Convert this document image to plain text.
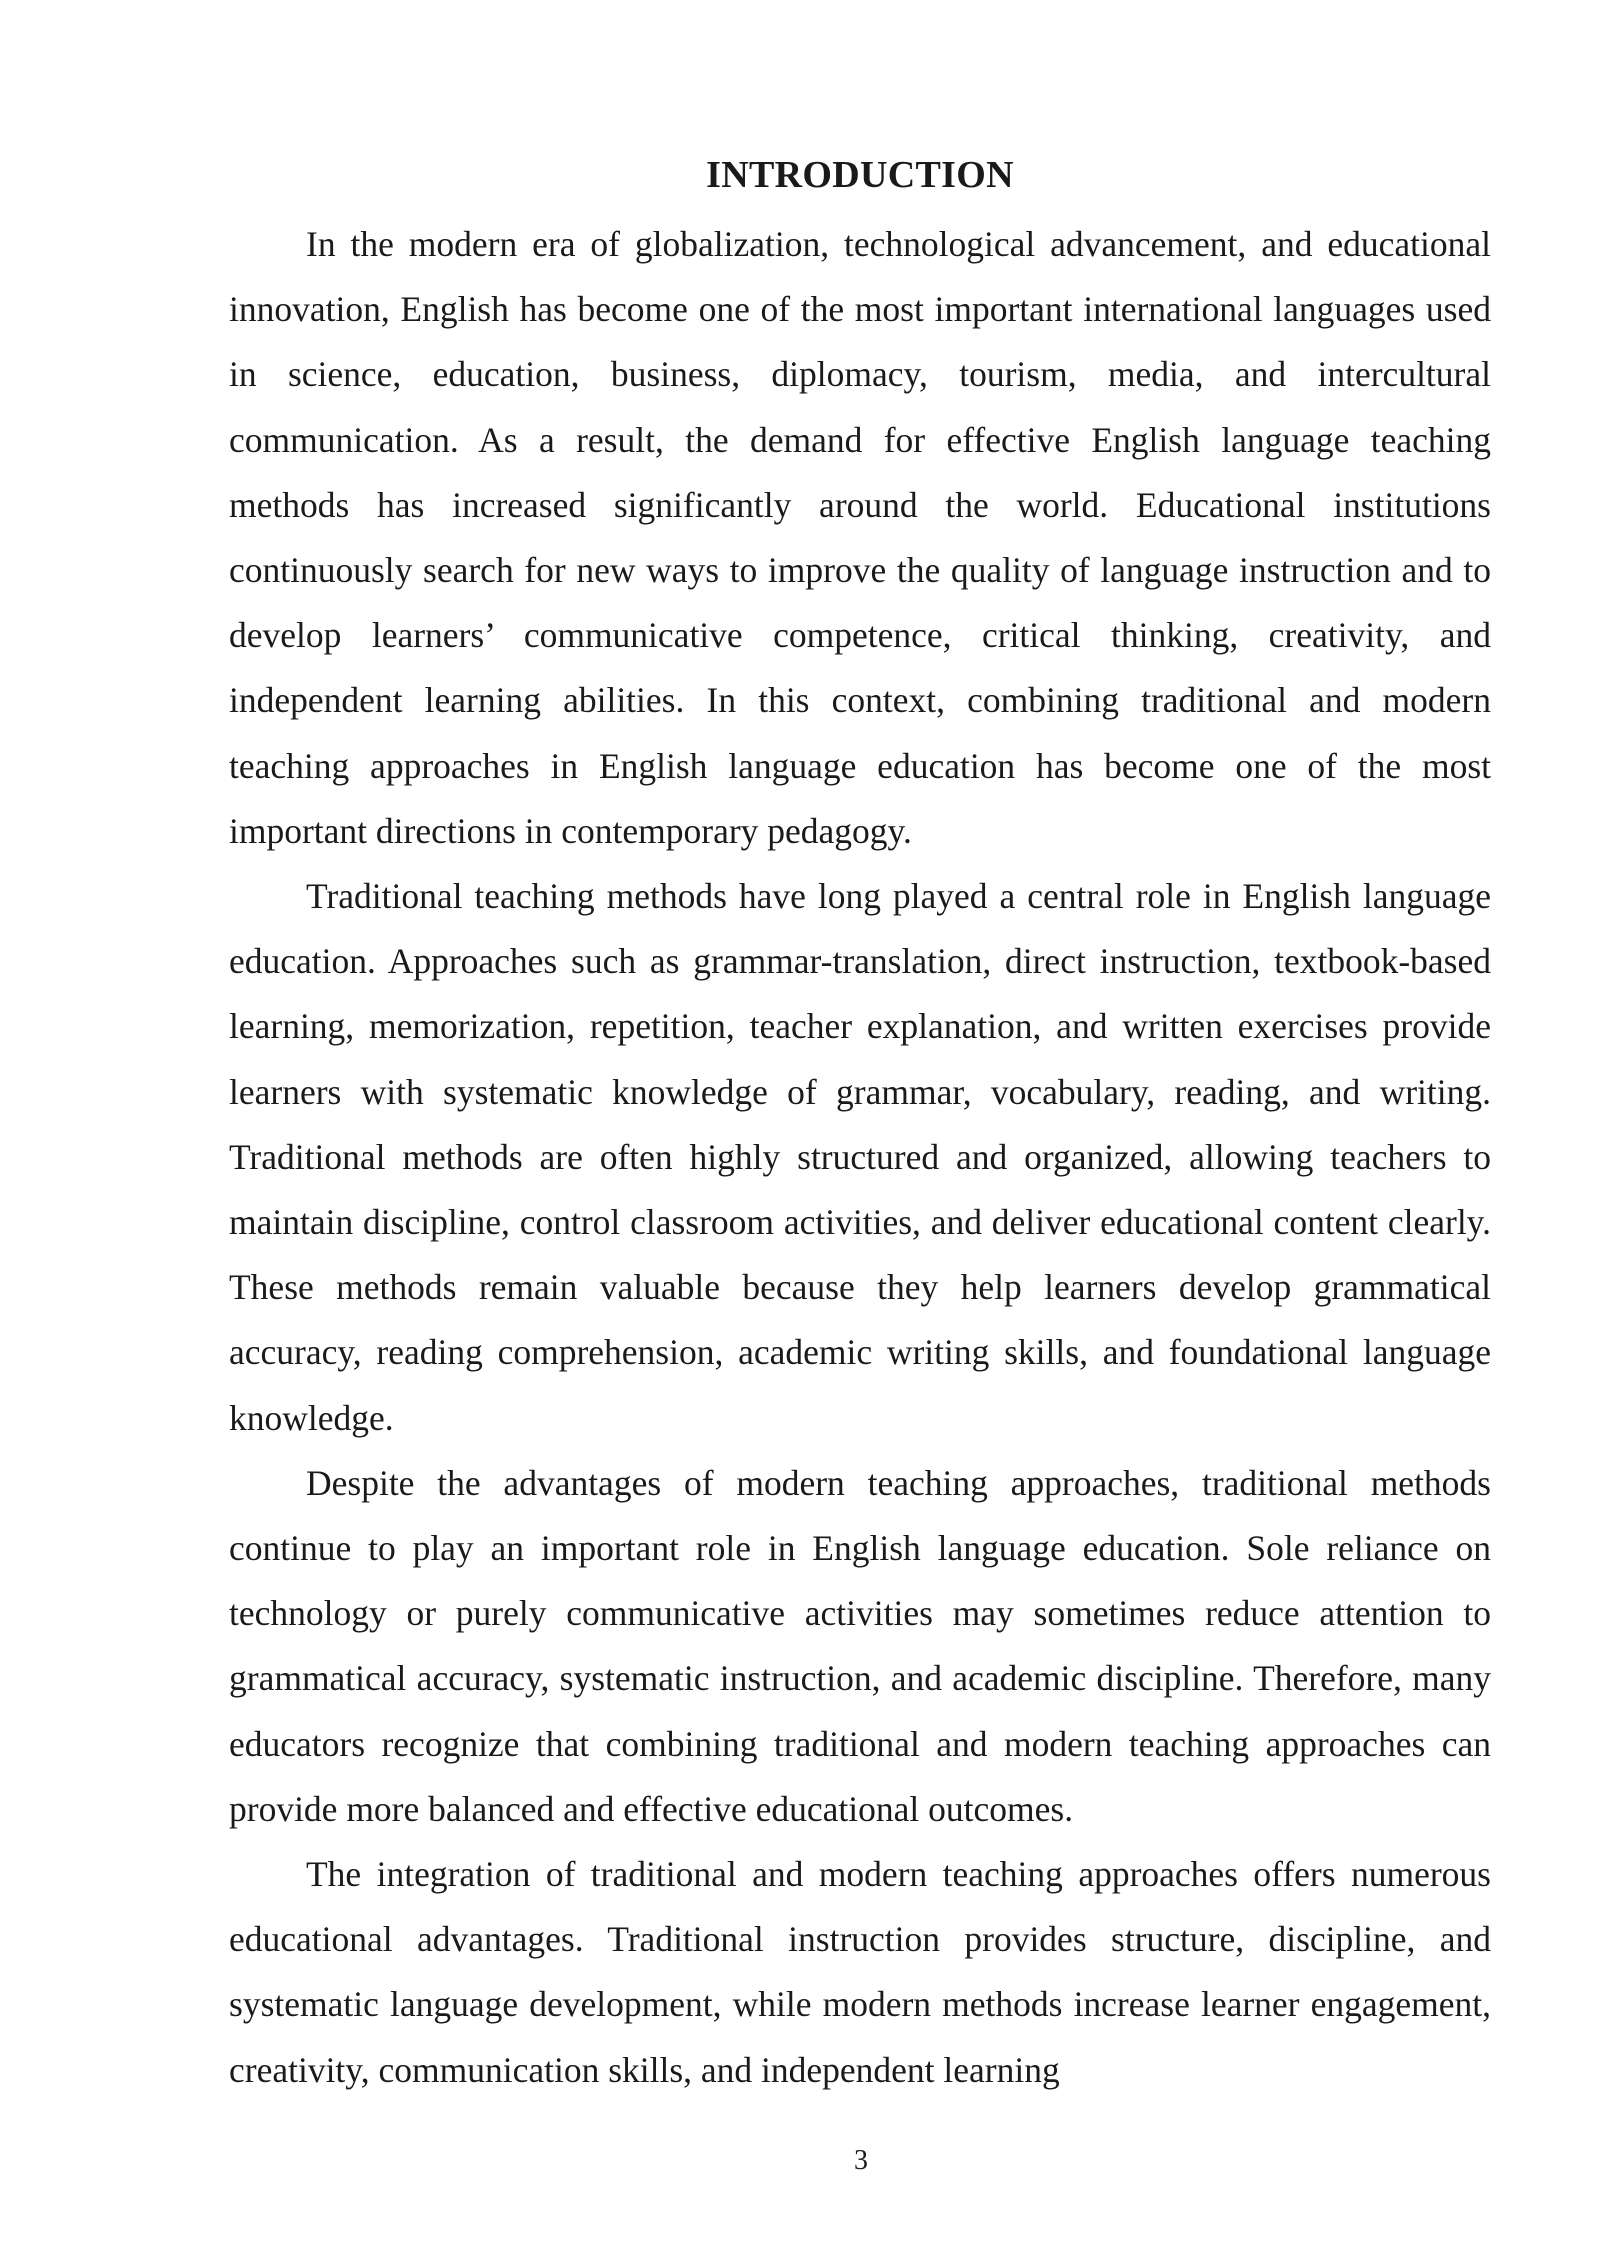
INTRODUCTION

In the modern era of globalization, technological advancement, and educational innovation, English has become one of the most important international languages used in science, education, business, diplomacy, tourism, media, and intercultural communication. As a result, the demand for effective English language teaching methods has increased significantly around the world. Educational institutions continuously search for new ways to improve the quality of language instruction and to develop learners’ communicative competence, critical thinking, creativity, and independent learning abilities. In this context, combining traditional and modern teaching approaches in English language education has become one of the most important directions in contemporary pedagogy.

Traditional teaching methods have long played a central role in English language education. Approaches such as grammar-translation, direct instruction, textbook-based learning, memorization, repetition, teacher explanation, and written exercises provide learners with systematic knowledge of grammar, vocabulary, reading, and writing. Traditional methods are often highly structured and organized, allowing teachers to maintain discipline, control classroom activities, and deliver educational content clearly. These methods remain valuable because they help learners develop grammatical accuracy, reading comprehension, academic writing skills, and foundational language knowledge.

Despite the advantages of modern teaching approaches, traditional methods continue to play an important role in English language education. Sole reliance on technology or purely communicative activities may sometimes reduce attention to grammatical accuracy, systematic instruction, and academic discipline. Therefore, many educators recognize that combining traditional and modern teaching approaches can provide more balanced and effective educational outcomes.

The integration of traditional and modern teaching approaches offers numerous educational advantages. Traditional instruction provides structure, discipline, and systematic language development, while modern methods increase learner engagement, creativity, communication skills, and independent learning

3
